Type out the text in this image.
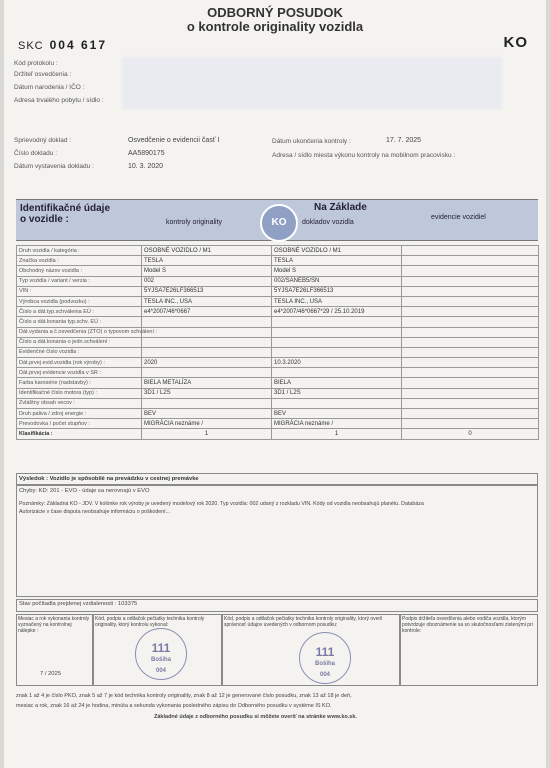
ODBORNÝ POSUDOK
o kontrole originality vozidla
SKC 004 617	KO
Kód protokolu :
Držiteľ osvedčenia :
Dátum narodenia / IČO :
Adresa trvalého pobytu / sídlo :
Sprievodný doklad :	Osvedčenie o evidencii časť I
Číslo dokladu :	AA5890175
Dátum vystavenia dokladu :	10. 3. 2020
Dátum ukončenia kontroly :	17. 7. 2025
Adresa / sídlo miesta výkonu kontroly na mobilnom pracovisku :
Identifikačné údaje
o vozidle :	kontroly originality	KO
Na Základe
dokladov vozidla
evidencie vozidiel
Druh vozidla / kategória :	OSOBNÉ VOZIDLO / M1	OSOBNÉ VOZIDLO / M1	
Značka vozidla :	TESLA	TESLA	
Obchodný názov vozidla :	Model S	Model S	
Typ vozidla / variant / verzia :	002	002/SANEB5/SN	
VIN :	5YJSA7E26LF366513	5YJSA7E26LF366513	
Výrobca vozidla (podvozku) :	TESLA INC., USA	TESLA INC., USA	
Číslo a dát.typ.schválenia EÚ :	e4*2007/46*0667	e4*2007/46*0667*29 / 25.10.2019	
Číslo a dát.konania typ.schv. EÚ :			
Dát.vydania a č.osvedčenia (ZTO) o typovom schválení :			
Číslo a dát.konania o jedn.schválení :			
Evidenčné číslo vozidla :			
Dát.prvej evid.vozidla (rok výroby) :	2020	10.3.2020	
Dát.prvej evidencie vozidla v SR :			
Farba karosérie (nadstavby) :	BIELA METALÍZA	BIELA	
Identifikačné číslo motora (typ) :	3D1 / L2S	3D1 / L2S	
Zvláštny obsah vecov :			
Druh paliva / zdroj energie :	BEV	BEV	
Prevodovka / počet stupňov :	MIGRÁCIA neznáme /	MIGRÁCIA neznáme /	
Klasifikácia :	1	1	0
Výsledok : Vozidlo je spôsobilé na prevádzku v cestnej premávke
Chyby: KD: 201 - EVO - údaje sa nerovnajú v EVO
Poznámky: Základná KO - JDV. V kolónke rok výroby je uvedený modelový rok 2020. Typ vozidla: 002 udaný z rozkladu VIN. Kódy od vozidla neobsahujú planétu. Databáza
Autorizácie v čase disputa neobsahuje informáciu o poškodení...
Stav počítadla prejdenej vzdialenosti : 103375
Mesiac a rok vykonania kontroly vyznačený na kontrolnej nálepke :
Kód, podpis a odtlačok pečiatky technika kontroly originality, ktorý kontrolu vykonal:
Kód, podpis a odtlačok pečiatky technika kontroly originality, ktorý overil správnosť údajov uvedených v odbornom posudku:
Podpis držiteľa osvedčenia alebo vodiča vozidla, ktorým potvrdzuje oboznámenie sa so skutočnosťami zistenými pri kontrole:
7 / 2025
111
Bošíha
004
111
Bošíha
004
znak 1 až 4 je číslo PKO, znak 5 až 7 je kód technika kontroly originality, znak 8 až 12 je generované číslo posudku, znak 13 až 18 je deň,
mesiac a rok, znak 16 až 24 je hodina, minúta a sekunda vykonania posledného zápisu do Odborného posudku v systéme IS KO.
Základné údaje z odborného posudku si môžete overiť na stránke www.ko.sk.
